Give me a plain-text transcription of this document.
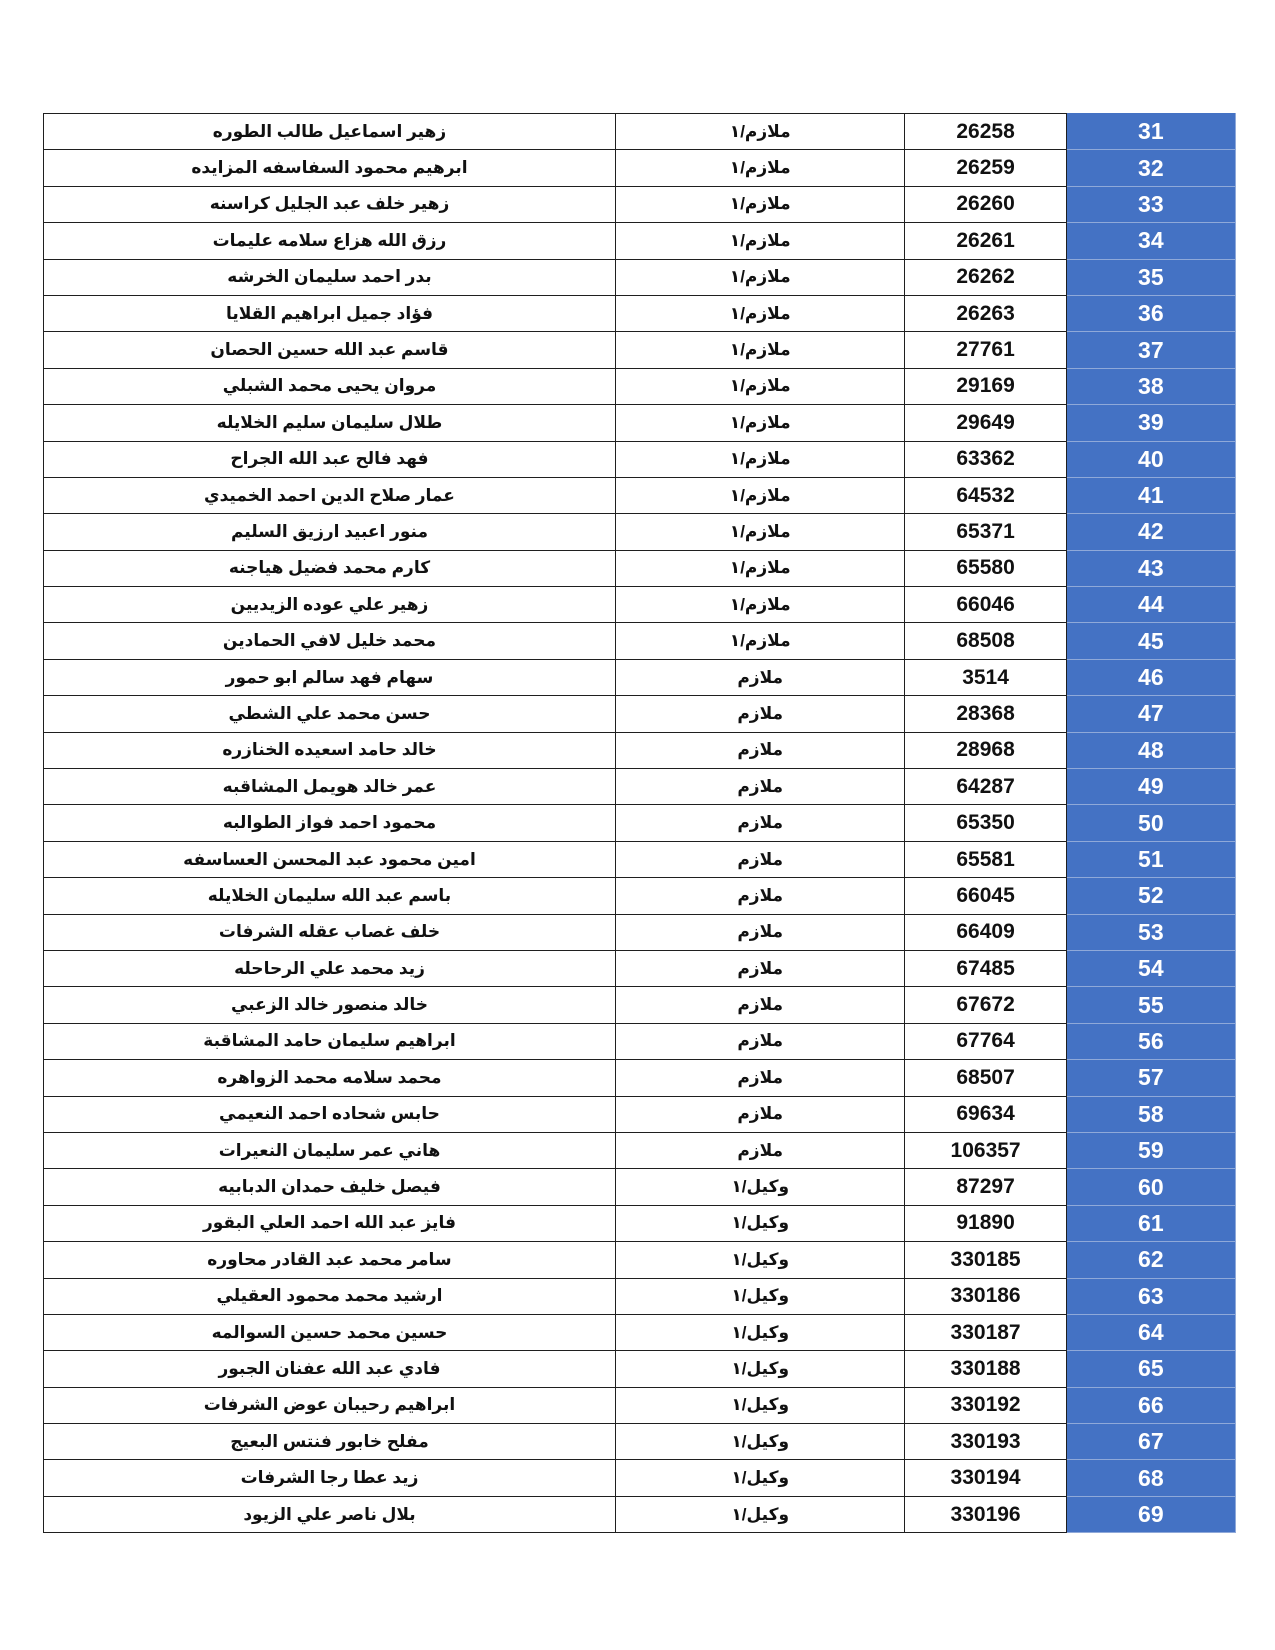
زهير اسماعيل طالب الطوره	ملازم/١	26258	31
ابرهيم محمود السفاسفه المزايده	ملازم/١	26259	32
زهير خلف عبد الجليل كراسنه	ملازم/١	26260	33
رزق الله هزاع سلامه عليمات	ملازم/١	26261	34
بدر احمد سليمان الخرشه	ملازم/١	26262	35
فؤاد جميل ابراهيم القلايا	ملازم/١	26263	36
قاسم عبد الله حسين الحصان	ملازم/١	27761	37
مروان يحيى محمد الشبلي	ملازم/١	29169	38
طلال سليمان سليم الخلايله	ملازم/١	29649	39
فهد فالح عبد الله الجراح	ملازم/١	63362	40
عمار صلاح الدين احمد الخميدي	ملازم/١	64532	41
منور اعبيد ارزيق السليم	ملازم/١	65371	42
كارم محمد فضيل هياجنه	ملازم/١	65580	43
زهير علي عوده الزيديين	ملازم/١	66046	44
محمد خليل لافي الحمادين	ملازم/١	68508	45
سهام فهد سالم ابو حمور	ملازم	3514	46
حسن محمد علي الشطي	ملازم	28368	47
خالد حامد اسعيده الخنازره	ملازم	28968	48
عمر خالد هويمل المشاقبه	ملازم	64287	49
محمود احمد فواز الطوالبه	ملازم	65350	50
امين محمود عبد المحسن العساسفه	ملازم	65581	51
باسم عبد الله سليمان الخلايله	ملازم	66045	52
خلف غصاب عقله الشرفات	ملازم	66409	53
زيد محمد علي الرحاحله	ملازم	67485	54
خالد منصور خالد الزعبي	ملازم	67672	55
ابراهيم سليمان حامد المشاقبة	ملازم	67764	56
محمد سلامه محمد الزواهره	ملازم	68507	57
حابس شحاده احمد النعيمي	ملازم	69634	58
هاني عمر سليمان النعيرات	ملازم	106357	59
فيصل خليف حمدان الدبابيه	وكيل/١	87297	60
فايز عبد الله احمد العلي البقور	وكيل/١	91890	61
سامر محمد عبد القادر محاوره	وكيل/١	330185	62
ارشيد محمد محمود العقيلي	وكيل/١	330186	63
حسين محمد حسين السوالمه	وكيل/١	330187	64
فادي عبد الله عفنان الجبور	وكيل/١	330188	65
ابراهيم رحيبان عوض الشرفات	وكيل/١	330192	66
مفلح خابور فنتس البعيج	وكيل/١	330193	67
زيد عطا رجا الشرفات	وكيل/١	330194	68
بلال ناصر علي الزيود	وكيل/١	330196	69
